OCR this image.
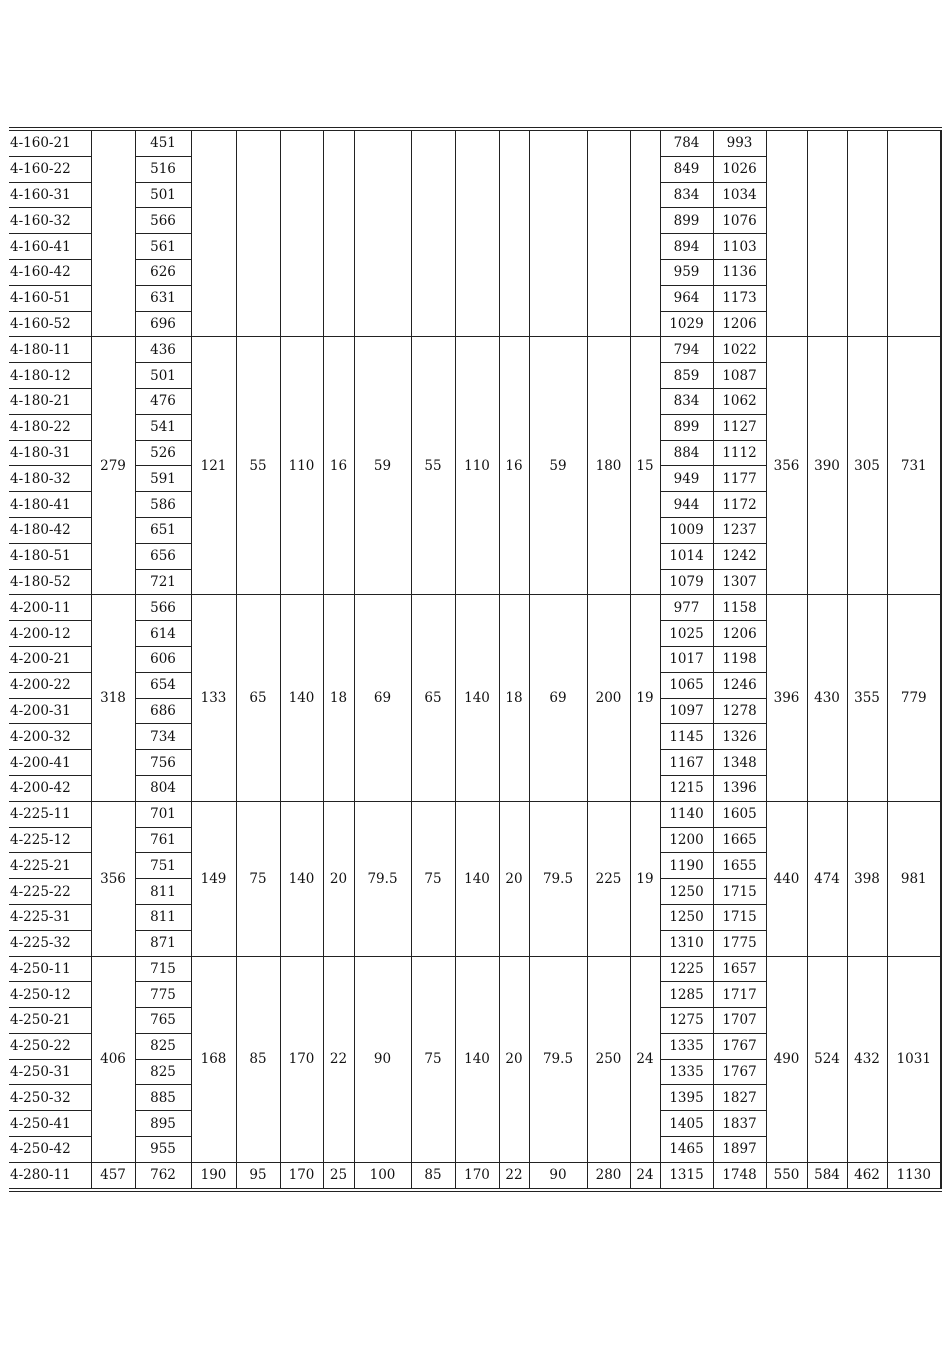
4-160-21		451												784	993				
4-160-22		516												849	1026				
4-160-31		501												834	1034				
4-160-32		566												899	1076				
4-160-41		561												894	1103				
4-160-42		626												959	1136				
4-160-51		631												964	1173				
4-160-52		696												1029	1206				
4-180-11	279	436	121	55	110	16	59	55	110	16	59	180	15	794	1022	356	390	305	731
4-180-12		501												859	1087				
4-180-21		476												834	1062				
4-180-22		541												899	1127				
4-180-31		526												884	1112				
4-180-32		591												949	1177				
4-180-41		586												944	1172				
4-180-42		651												1009	1237				
4-180-51		656												1014	1242				
4-180-52		721												1079	1307				
4-200-11	318	566	133	65	140	18	69	65	140	18	69	200	19	977	1158	396	430	355	779
4-200-12		614												1025	1206				
4-200-21		606												1017	1198				
4-200-22		654												1065	1246				
4-200-31		686												1097	1278				
4-200-32		734												1145	1326				
4-200-41		756												1167	1348				
4-200-42		804												1215	1396				
4-225-11	356	701	149	75	140	20	79.5	75	140	20	79.5	225	19	1140	1605	440	474	398	981
4-225-12		761												1200	1665				
4-225-21		751												1190	1655				
4-225-22		811												1250	1715				
4-225-31		811												1250	1715				
4-225-32		871												1310	1775				
4-250-11	406	715	168	85	170	22	90	75	140	20	79.5	250	24	1225	1657	490	524	432	1031
4-250-12		775												1285	1717				
4-250-21		765												1275	1707				
4-250-22		825												1335	1767				
4-250-31		825												1335	1767				
4-250-32		885												1395	1827				
4-250-41		895												1405	1837				
4-250-42		955												1465	1897				
4-280-11	457	762	190	95	170	25	100	85	170	22	90	280	24	1315	1748	550	584	462	1130
